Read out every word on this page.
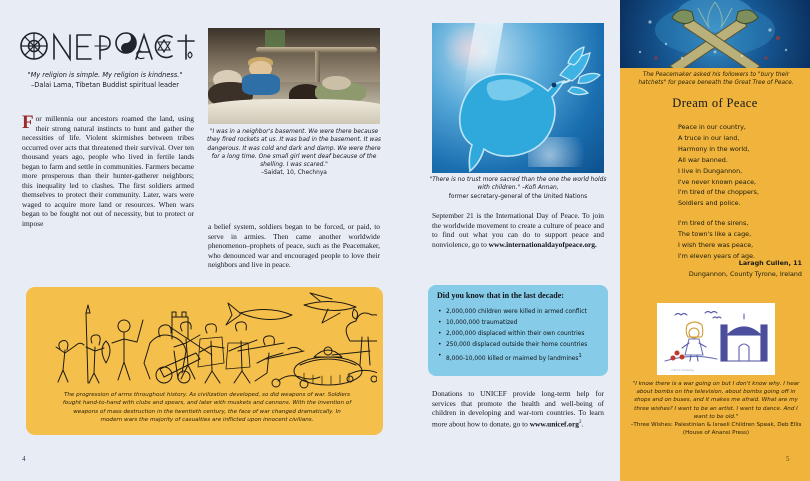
"My religion is simple. My religion is kindness."
–Dalai Lama, Tibetan Buddist spiritual leader
For millennia our ancestors roamed the land, using their strong natural instincts to hunt and gather the necessities of life. Violent skirmishes between tribes occurred over acts that threatened their survival. Over ten thousand years ago, people who lived in fertile lands began to farm and settle in communities. Farmers became more prosperous than their hunter-gatherer neighbors; this inequality led to clashes. The first soldiers armed themselves to protect their community. Later, wars were waged to acquire more land or resources. When wars began to be fought not out of necessity, but to protect or impose	a belief system, soldiers began to be forced, or paid, to serve in armies. Then came another worldwide phenomenon–prophets of peace, such as the Peacemaker, who denounced war and encouraged people to love their neighbors and live in peace.
"I was in a neighbor's basement. We were there because they fired rockets at us. It was bad in the basement. It was dangerous. It was cold and dark and damp. We were there for a long time. One small girl went deaf because of the shelling. I was scared."
–Saidat, 10, Chechnya
The progression of arms throughout history. As civilization developed, so did weapons of war. Soldiers fought hand-to-hand with clubs and spears, and later with muskets and cannons. With the invention of weapons of mass destruction in the twentieth century, the face of war changed dramatically. In modern wars the majority of casualties are inflicted upon innocent civilians.
"There is no trust more sacred than the one the world holds with children." –Kofi Annan,
former secretary-general of the United Nations
September 21 is the International Day of Peace. To join the worldwide movement to create a culture of peace and to find out what you can do to support peace and nonviolence, go to www.internationaldayofpeace.org.
Did you know that in the last decade:
• 2,000,000 children were killed in armed conflict
• 10,000,000 traumatized
• 2,000,000 displaced within their own countries
• 250,000 displaced outside their home countries
• 8,000-10,000 killed or maimed by landmines$^1$
Donations to UNICEF provide long-term help for services that promote the health and well-being of children in developing and war-torn countries. To learn more about how to donate, go to www.unicef.org$^2$.
The Peacemaker asked his followers to "bury their hatchets" for peace beneath the Great Tree of Peace.
Dream of Peace
Peace in our country,
A truce in our land,
Harmony in the world,
All war banned.
I live in Dungannon,
I've never known peace,
I'm tired of the choppers,
Soldiers and police.
I'm tired of the sirens,
The town's like a cage,
I wish there was peace,
I'm eleven years of age.
Laragh Cullen, 11
Dungannon, County Tyrone, Ireland
child's drawing
"I know there is a war going on but I don't know why. I hear about bombs on the television, about bombs going off in shops and on buses, and it makes me afraid. What are my three wishes? I want to be an artist. I want to dance. And I want to be old."
–Three Wishes: Palestinian & Israeli Children Speak, Deb Ellis (House of Anansi Press)
4	5
